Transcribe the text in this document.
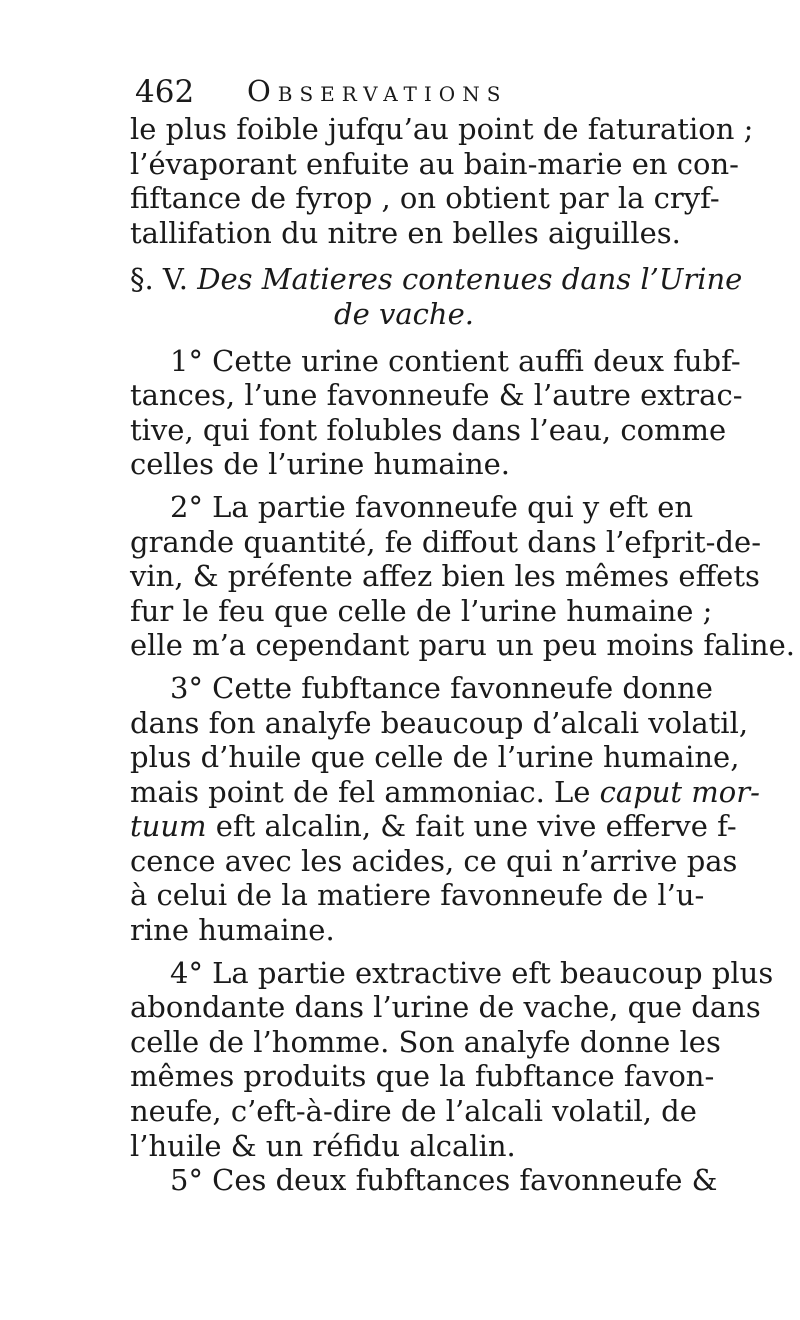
462 Observations
le plus foible jufqu’au point de faturation ;
l’évaporant enfuite au bain-marie en con-
fiftance de fyrop , on obtient par la cryf-
tallifation du nitre en belles aiguilles.
§. V. Des Matieres contenues dans l’Urine
de vache.
1° Cette urine contient auffi deux fubf-
tances, l’une favonneufe & l’autre extrac-
tive, qui font folubles dans l’eau, comme
celles de l’urine humaine.
2° La partie favonneufe qui y eft en
grande quantité, fe diffout dans l’efprit-de-
vin, & préfente affez bien les mêmes effets
fur le feu que celle de l’urine humaine ;
elle m’a cependant paru un peu moins faline.
3° Cette fubftance favonneufe donne
dans fon analyfe beaucoup d’alcali volatil,
plus d’huile que celle de l’urine humaine,
mais point de fel ammoniac. Le caput mor-
tuum eft alcalin, & fait une vive efferve f-
cence avec les acides, ce qui n’arrive pas
à celui de la matiere favonneufe de l’u-
rine humaine.
4° La partie extractive eft beaucoup plus
abondante dans l’urine de vache, que dans
celle de l’homme. Son analyfe donne les
mêmes produits que la fubftance favon-
neufe, c’eft-à-dire de l’alcali volatil, de
l’huile & un réfidu alcalin.
5° Ces deux fubftances favonneufe &
